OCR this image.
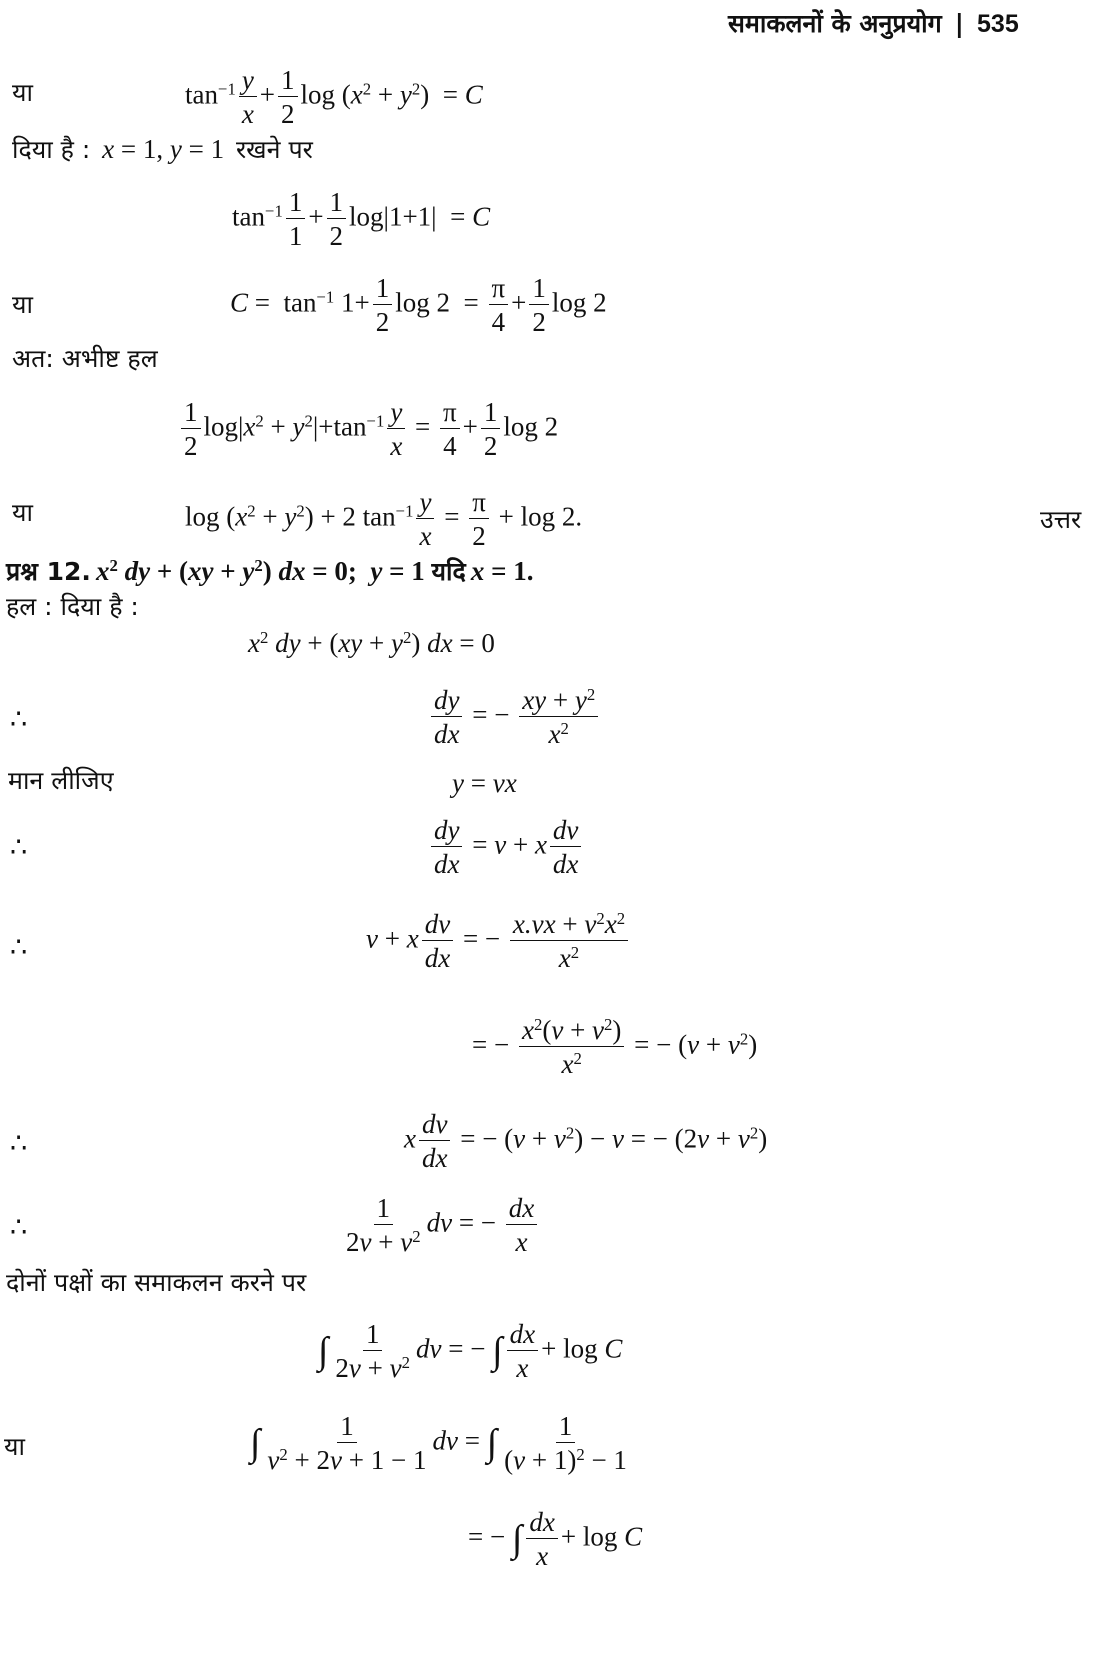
समाकलनों के अनुप्रयोग | 535
या	$\tan^{-1} \frac{y}{x} + \frac{1}{2}$ $\log (x^2 + y^2) = C$
दिया है : x = 1, y = 1  रखने पर
$\tan^{-1} \frac{1}{1} + \frac{1}{2} \log|1+1| = C$
या	$C = \tan^{-1} 1+ \frac{1}{2}$ $\log 2 = \frac{\pi}{4} + \frac{1}{2}$ log 2
अत: अभीष्ट हल
$\frac{1}{2} \log|x^2 + y^2|+\tan^{-1} \frac{y}{x} = \frac{\pi}{4} + \frac{1}{2}$ log 2
या	$\log (x^2 + y^2) + 2$ $\tan^{-1} \frac{y}{x} = \frac{\pi}{2} + \log 2$.	उत्तर
प्रश्न 12. $x^2$ dy + $(xy + y^2)$ dx = 0;  y = 1 यदि x = 1.
हल : दिया है :
$x^2$ dy + $(xy + y^2)$ dx = 0
∴	$\frac{dy}{dx}$ = − $\frac{xy + y^2}{x^2}$
मान लीजिए	y = vx
∴	$\frac{dy}{dx} = v + x \frac{dv}{dx}$
∴	v + x $\frac{dv}{dx}$ = − $\frac{x.vx + v^2x^2}{x^2}$
= − $\frac{x^2(v + v^2)}{x^2}$ = − $(v + v^2)$
∴	x $\frac{dv}{dx}$ = − $(v + v^2) - v$ = − $(2v + v^2)$
∴	$\frac{1}{2v + v^2}$ dv = − $\frac{dx}{x}$
दोनों पक्षों का समाकलन करने पर
∫ $\frac{1}{2v + v^2}$ dv = − ∫ $\frac{dx}{x} + \log C$
या	∫ $\frac{1}{v^2 + 2v + 1 - 1}$ dv = ∫ $\frac{1}{(v + 1)^2 - 1}$
= − ∫ $\frac{dx}{x} + \log C$
